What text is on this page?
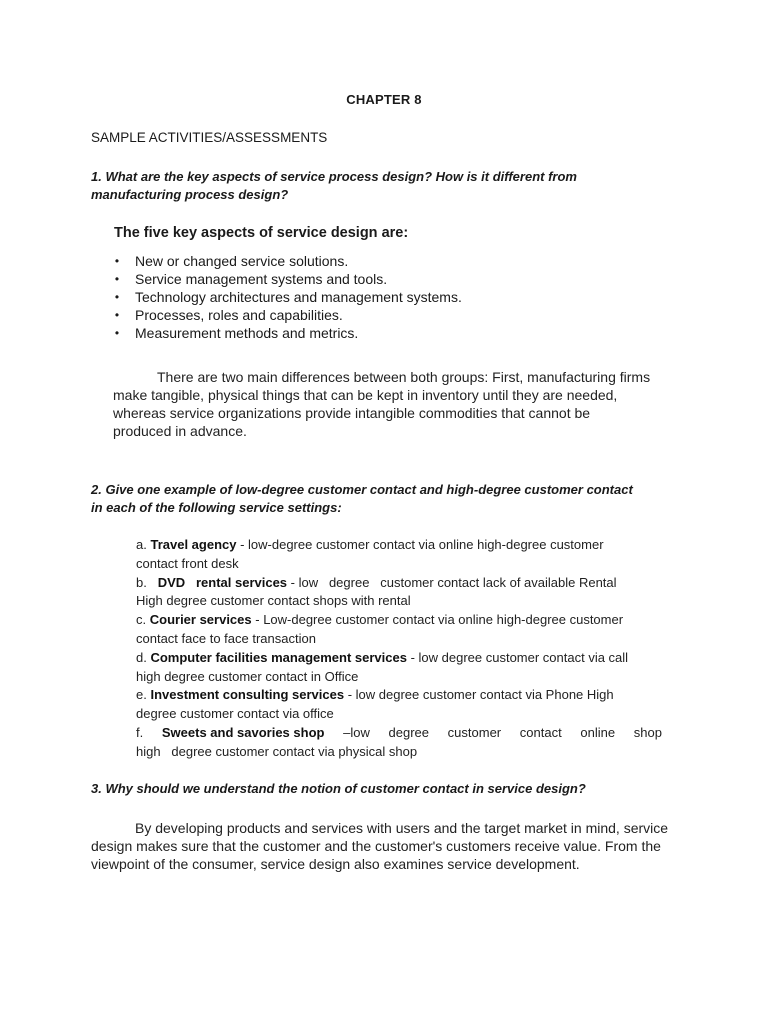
CHAPTER 8
SAMPLE ACTIVITIES/ASSESSMENTS
1. What are the key aspects of service process design? How is it different from
manufacturing process design?
The five key aspects of service design are:
• New or changed service solutions.
• Service management systems and tools.
• Technology architectures and management systems.
• Processes, roles and capabilities.
• Measurement methods and metrics.
There are two main differences between both groups: First, manufacturing firms
make tangible, physical things that can be kept in inventory until they are needed,
whereas service organizations provide intangible commodities that cannot be
produced in advance.
2. Give one example of low-degree customer contact and high-degree customer contact
in each of the following service settings:
a. Travel agency - low-degree customer contact via online high-degree customer
contact front desk
b.   DVD   rental services - low   degree   customer contact lack of available Rental
High degree customer contact shops with rental
c. Courier services - Low-degree customer contact via online high-degree customer
contact face to face transaction
d. Computer facilities management services - low degree customer contact via call
high degree customer contact in Office
e. Investment consulting services - low degree customer contact via Phone High
degree customer contact via office
f. Sweets and savories shop –low degree customer contact online shop
high   degree customer contact via physical shop
3. Why should we understand the notion of customer contact in service design?
By developing products and services with users and the target market in mind, service
design makes sure that the customer and the customer's customers receive value. From the
viewpoint of the consumer, service design also examines service development.
